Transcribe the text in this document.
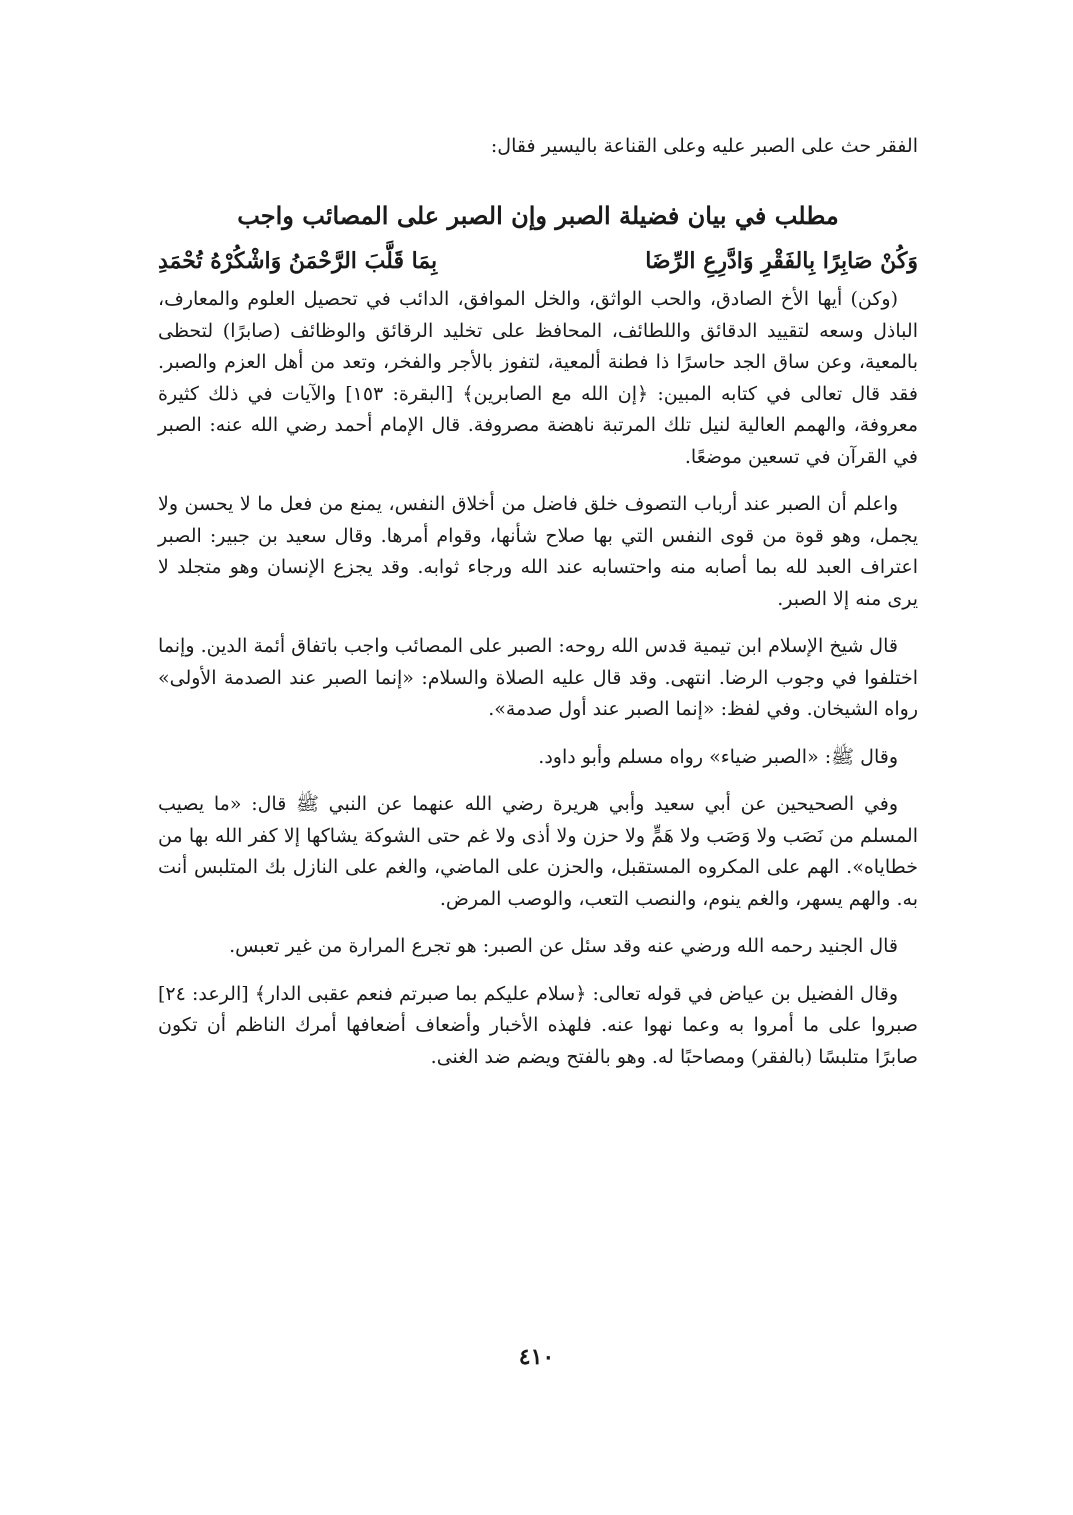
الفقر حث على الصبر عليه وعلى القناعة باليسير فقال:

مطلب في بيان فضيلة الصبر وإن الصبر على المصائب واجب
وَكُنْ صَابِرًا بِالفَقْرِ وَادَّرِعِ الرِّضَا
بِمَا قَلَّبَ الرَّحْمَنُ وَاشْكُرْهُ تُحْمَدِ

(وكن) أيها الأخ الصادق، والحب الواثق، والخل الموافق، الدائب في تحصيل العلوم والمعارف، الباذل وسعه لتقييد الدقائق واللطائف، المحافظ على تخليد الرقائق والوظائف (صابرًا) لتحظى بالمعية، وعن ساق الجد حاسرًا ذا فطنة ألمعية، لتفوز بالأجر والفخر، وتعد من أهل العزم والصبر. فقد قال تعالى في كتابه المبين: ﴿إن الله مع الصابرين﴾ [البقرة: ١٥٣] والآيات في ذلك كثيرة معروفة، والهمم العالية لنيل تلك المرتبة ناهضة مصروفة. قال الإمام أحمد رضي الله عنه: الصبر في القرآن في تسعين موضعًا.

واعلم أن الصبر عند أرباب التصوف خلق فاضل من أخلاق النفس، يمنع من فعل ما لا يحسن ولا يجمل، وهو قوة من قوى النفس التي بها صلاح شأنها، وقوام أمرها. وقال سعيد بن جبير: الصبر اعتراف العبد لله بما أصابه منه واحتسابه عند الله ورجاء ثوابه. وقد يجزع الإنسان وهو متجلد لا يرى منه إلا الصبر.

قال شيخ الإسلام ابن تيمية قدس الله روحه: الصبر على المصائب واجب باتفاق أئمة الدين. وإنما اختلفوا في وجوب الرضا. انتهى. وقد قال عليه الصلاة والسلام: «إنما الصبر عند الصدمة الأولى» رواه الشيخان. وفي لفظ: «إنما الصبر عند أول صدمة».

وقال ﷺ: «الصبر ضياء» رواه مسلم وأبو داود.

وفي الصحيحين عن أبي سعيد وأبي هريرة رضي الله عنهما عن النبي ﷺ قال: «ما يصيب المسلم من نَصَب ولا وَصَب ولا هَمٍّ ولا حزن ولا أذى ولا غم حتى الشوكة يشاكها إلا كفر الله بها من خطاياه». الهم على المكروه المستقبل، والحزن على الماضي، والغم على النازل بك المتلبس أنت به. والهم يسهر، والغم ينوم، والنصب التعب، والوصب المرض.

قال الجنيد رحمه الله ورضي عنه وقد سئل عن الصبر: هو تجرع المرارة من غير تعبس.

وقال الفضيل بن عياض في قوله تعالى: ﴿سلام عليكم بما صبرتم فنعم عقبى الدار﴾ [الرعد: ٢٤] صبروا على ما أمروا به وعما نهوا عنه. فلهذه الأخبار وأضعاف أضعافها أمرك الناظم أن تكون صابرًا متلبسًا (بالفقر) ومصاحبًا له. وهو بالفتح ويضم ضد الغنى.

٤١٠
